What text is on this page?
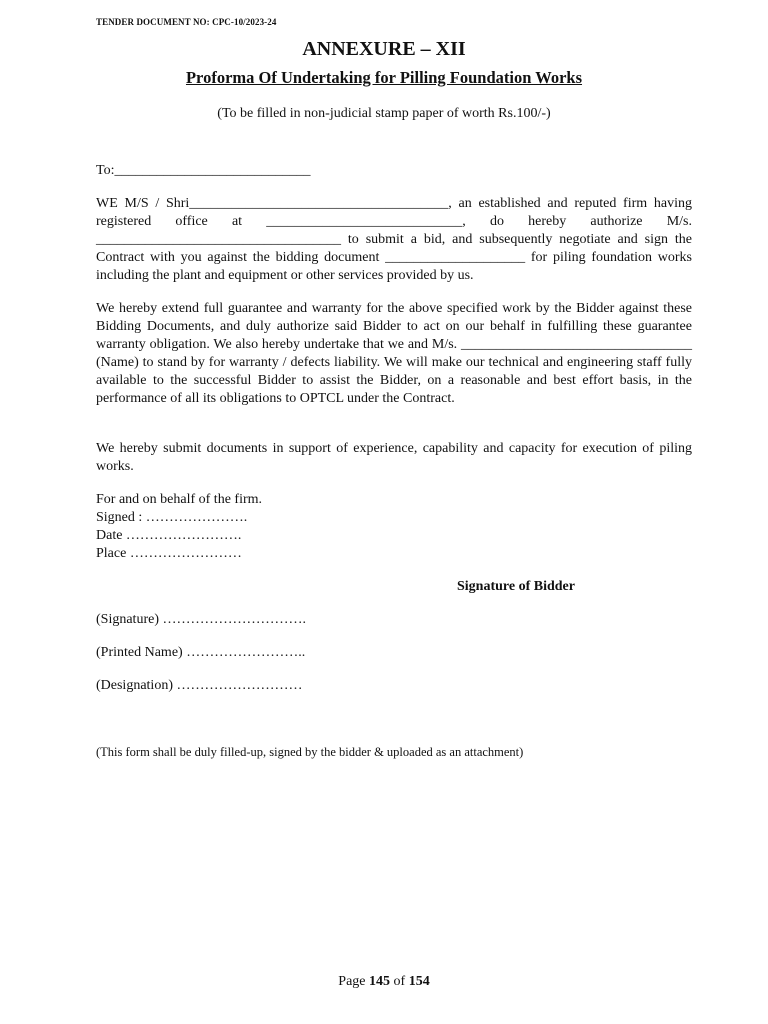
TENDER DOCUMENT NO: CPC-10/2023-24
ANNEXURE – XII
Proforma Of Undertaking for Pilling Foundation Works
(To be filled in non-judicial stamp paper of worth Rs.100/-)
To:____________________________
WE M/S / Shri_____________________________________, an established and reputed firm having registered office at ____________________________, do hereby authorize M/s. ___________________________________ to submit a bid, and subsequently negotiate and sign the Contract with you against the bidding document ____________________ for piling foundation works including the plant and equipment or other services provided by us.
We hereby extend full guarantee and warranty for the above specified work by the Bidder against these Bidding Documents, and duly authorize said Bidder to act on our behalf in fulfilling these guarantee warranty obligation. We also hereby undertake that we and M/s. _________________________________ (Name) to stand by for warranty / defects liability. We will make our technical and engineering staff fully available to the successful Bidder to assist the Bidder, on a reasonable and best effort basis, in the performance of all its obligations to OPTCL under the Contract.
We hereby submit documents in support of experience, capability and capacity for execution of piling works.
For and on behalf of the firm.
Signed : ………………….
Date …………………….
Place ……………………
Signature of Bidder
(Signature) ………………………….
(Printed Name) ……………………..
(Designation) ………………………
(This form shall be duly filled-up, signed by the bidder & uploaded as an attachment)
Page 145 of 154
